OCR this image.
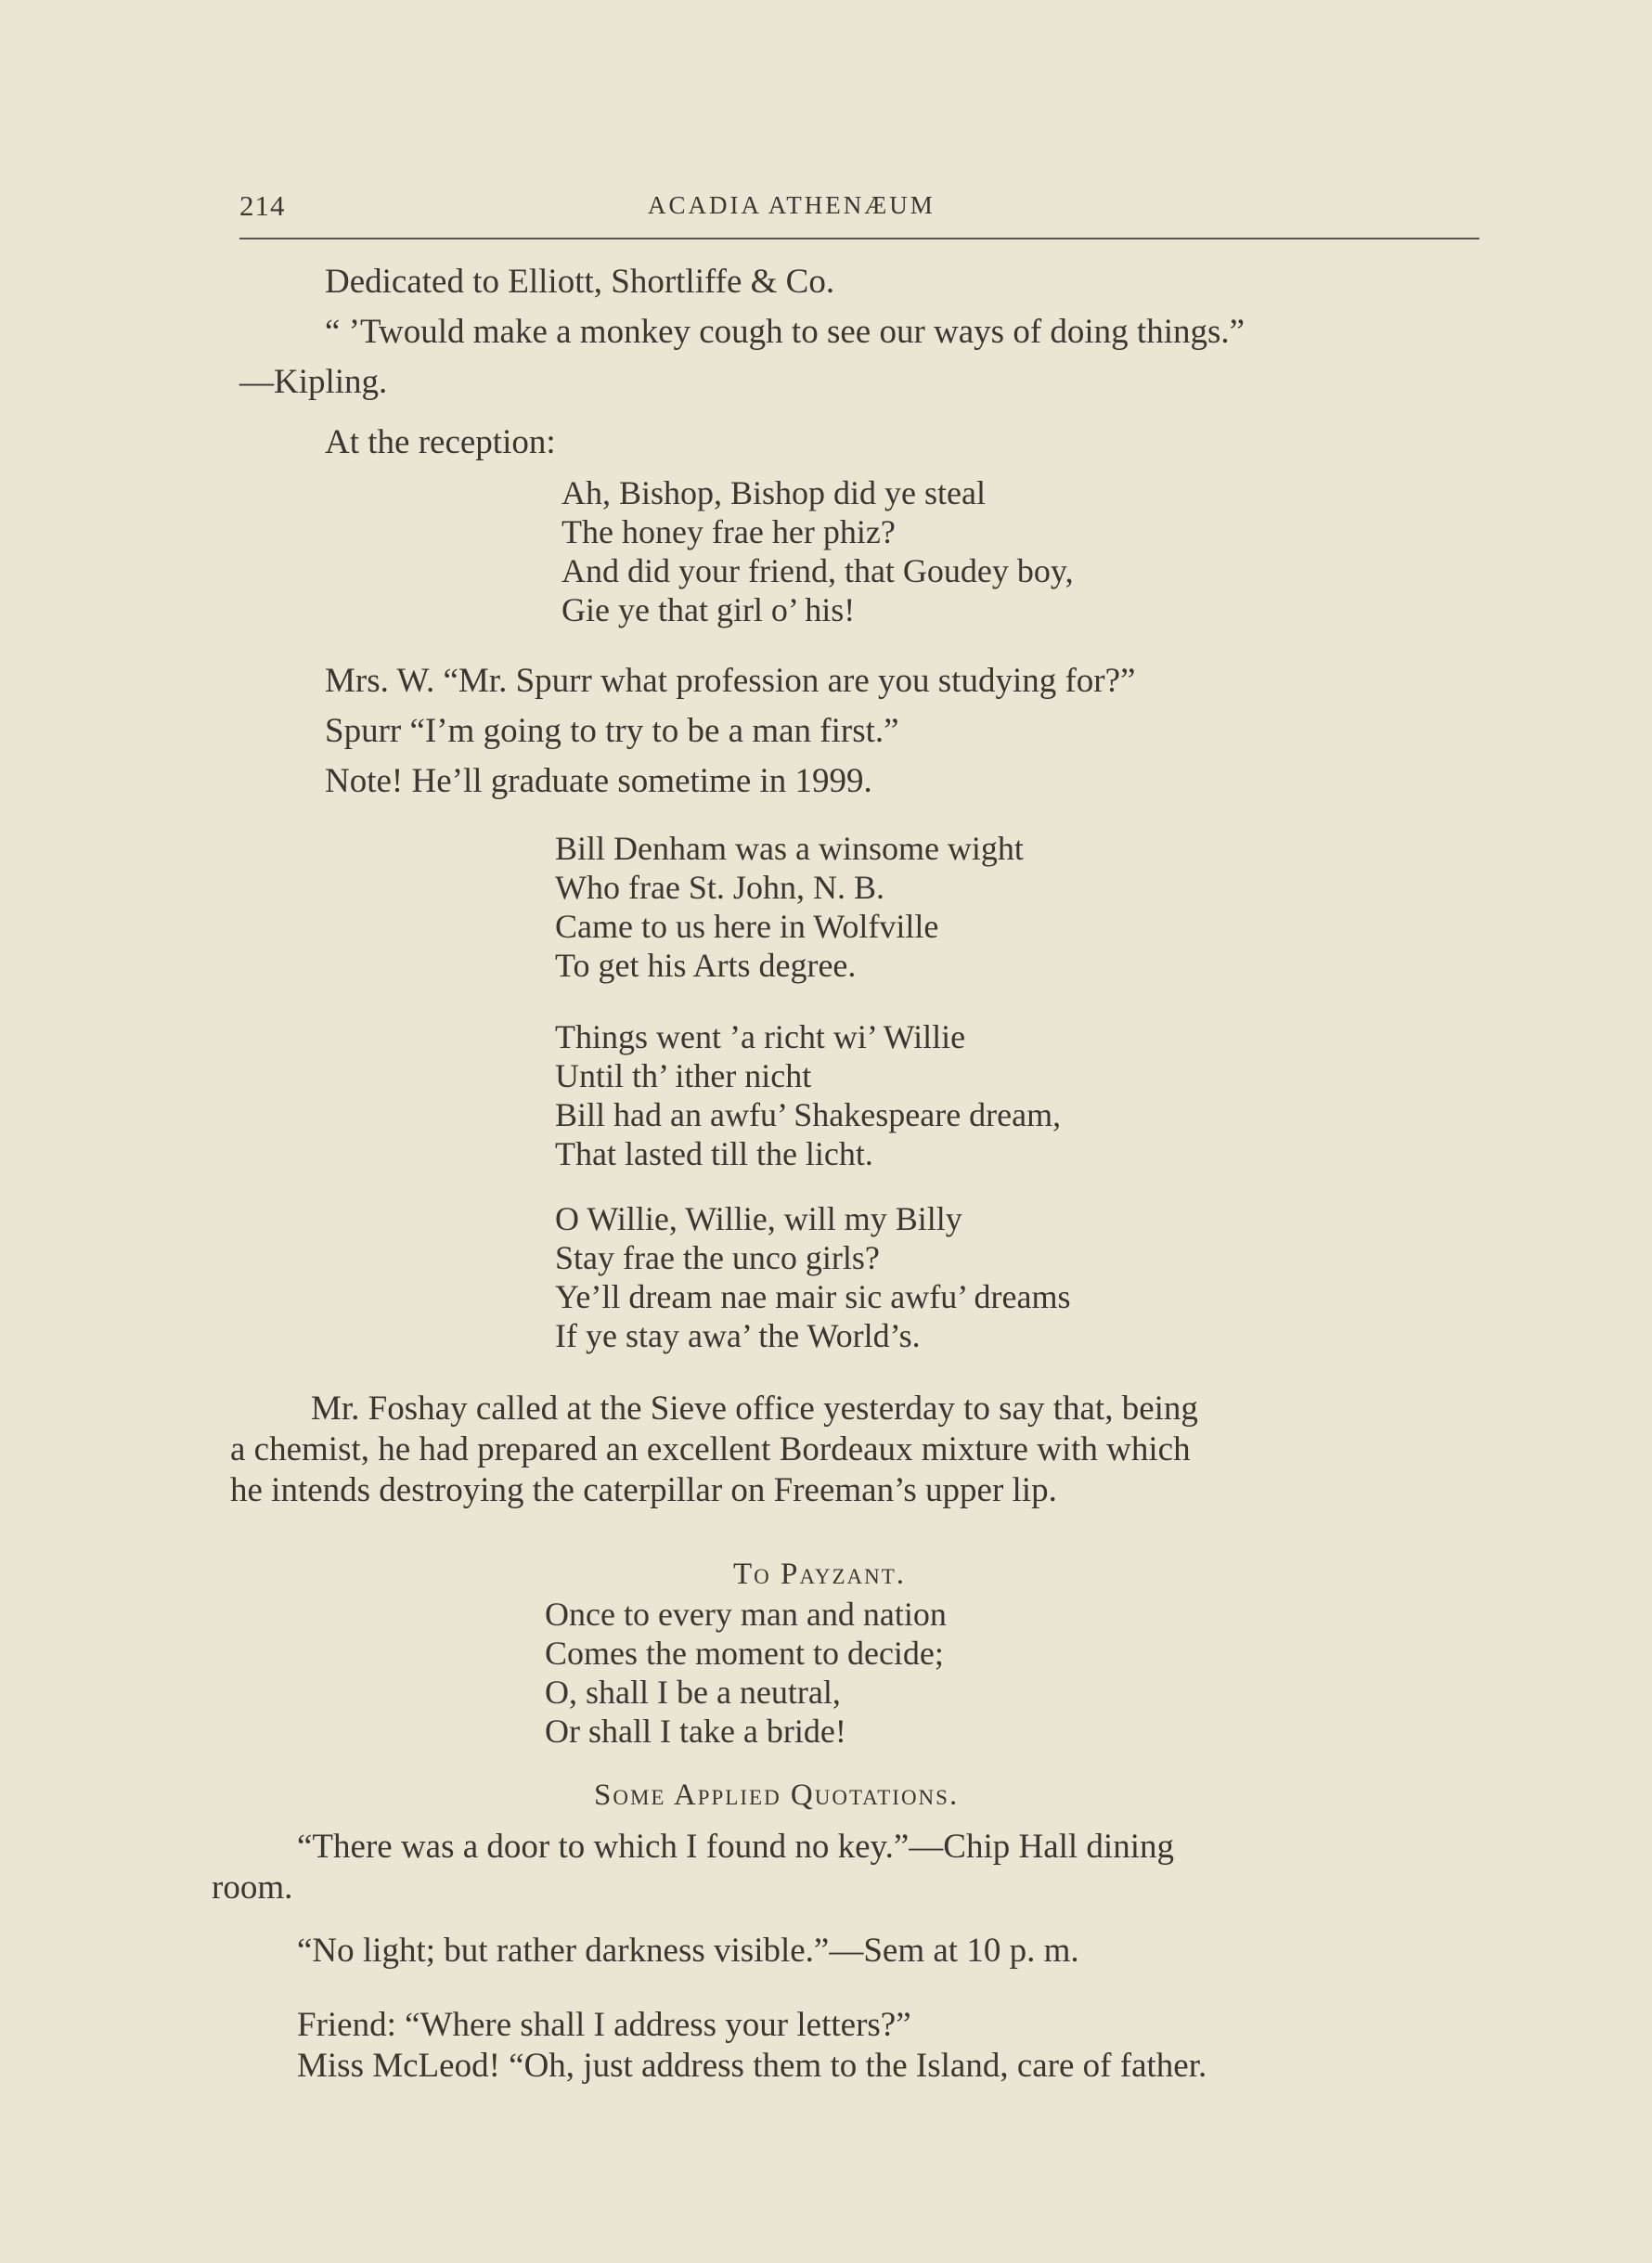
214	ACADIA ATHENÆUM
Dedicated to Elliott, Shortliffe & Co.
“ ’Twould make a monkey cough to see our ways of doing things.”
—Kipling.
At the reception:
Ah, Bishop, Bishop did ye steal
The honey frae her phiz?
And did your friend, that Goudey boy,
Gie ye that girl o’ his!
Mrs. W. “Mr. Spurr what profession are you studying for?”
Spurr “I’m going to try to be a man first.”
Note! He’ll graduate sometime in 1999.
Bill Denham was a winsome wight
Who frae St. John, N. B.
Came to us here in Wolfville
To get his Arts degree.
Things went ’a richt wi’ Willie
Until th’ ither nicht
Bill had an awfu’ Shakespeare dream,
That lasted till the licht.
O Willie, Willie, will my Billy
Stay frae the unco girls?
Ye’ll dream nae mair sic awfu’ dreams
If ye stay awa’ the World’s.
Mr. Foshay called at the Sieve office yesterday to say that, being
a chemist, he had prepared an excellent Bordeaux mixture with which
he intends destroying the caterpillar on Freeman’s upper lip.
To Payzant.
Once to every man and nation
Comes the moment to decide;
O, shall I be a neutral,
Or shall I take a bride!
Some Applied Quotations.
“There was a door to which I found no key.”—Chip Hall dining
room.
“No light; but rather darkness visible.”—Sem at 10 p. m.
Friend: “Where shall I address your letters?”
Miss McLeod! “Oh, just address them to the Island, care of father.
